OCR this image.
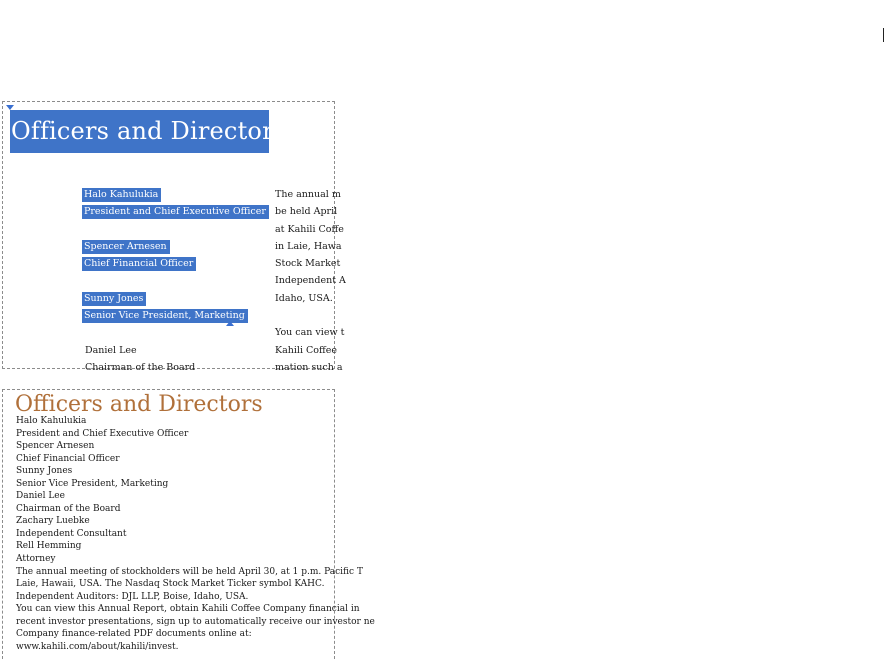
Officers and Directors
Halo Kahulukia
President and Chief Executive Officer
Spencer Arnesen
Chief Financial Officer
Sunny Jones
Senior Vice President, Marketing
Daniel Lee
Chairman of the Board
The annual m
be held April
at Kahili Coffe
in Laie, Hawa
Stock Market
Independent A
Idaho, USA.
You can view t
Kahili Coffee
mation such a
Officers and Directors
Halo Kahulukia
President and Chief Executive Officer
Spencer Arnesen
Chief Financial Officer
Sunny Jones
Senior Vice President, Marketing
Daniel Lee
Chairman of the Board
Zachary Luebke
Independent Consultant
Rell Hemming
Attorney
The annual meeting of stockholders will be held April 30, at 1 p.m. Pacific T
Laie, Hawaii, USA. The Nasdaq Stock Market Ticker symbol KAHC.
Independent Auditors: DJL LLP, Boise, Idaho, USA.
You can view this Annual Report, obtain Kahili Coffee Company financial in
recent investor presentations, sign up to automatically receive our investor ne
Company finance-related PDF documents online at:
www.kahili.com/about/kahili/invest.
